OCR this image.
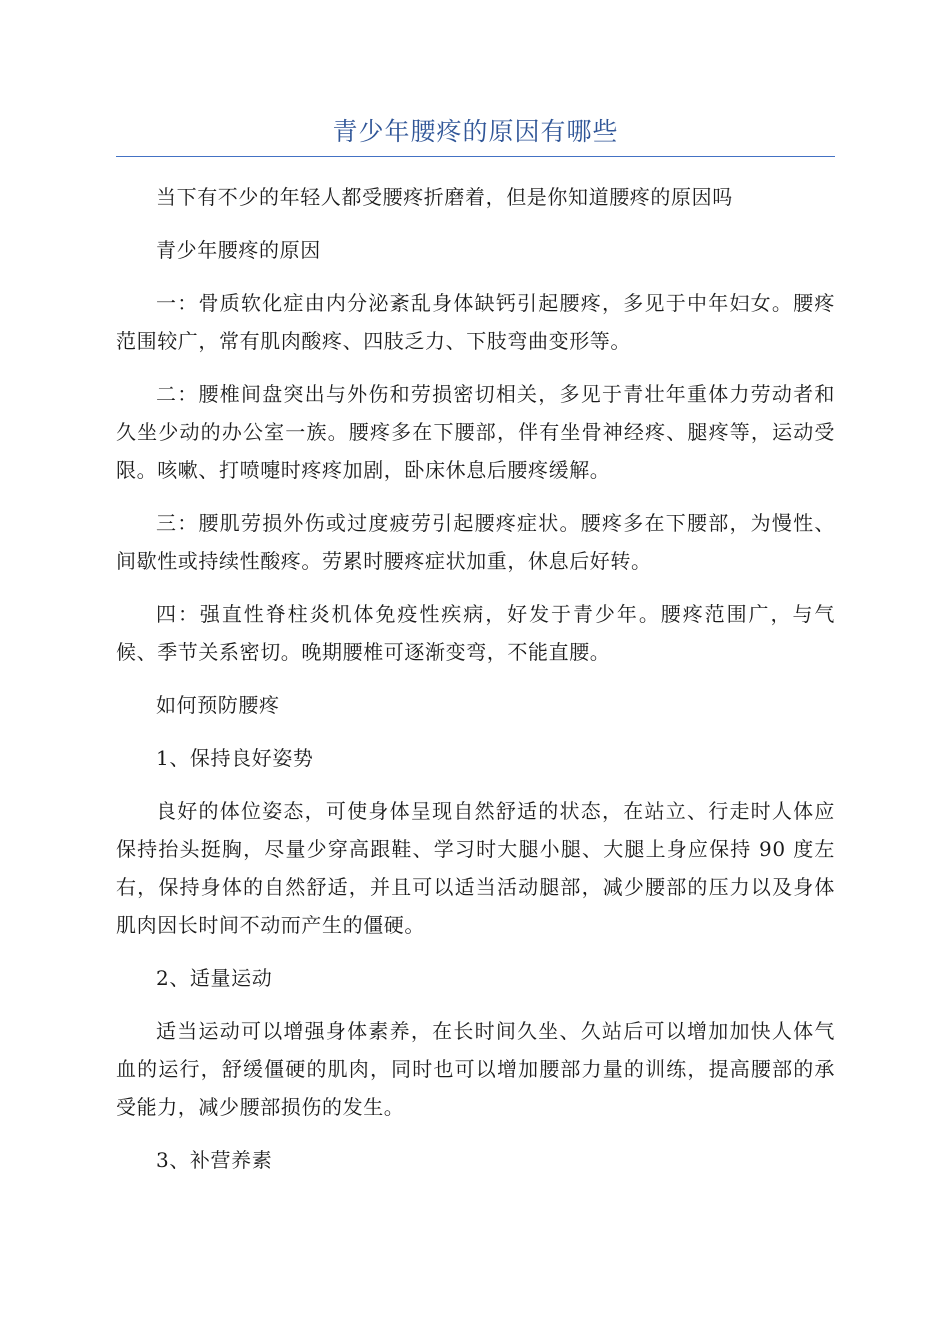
青少年腰疼的原因有哪些

当下有不少的年轻人都受腰疼折磨着，但是你知道腰疼的原因吗

青少年腰疼的原因

一：骨质软化症由内分泌紊乱身体缺钙引起腰疼，多见于中年妇女。腰疼范围较广，常有肌肉酸疼、四肢乏力、下肢弯曲变形等。

二：腰椎间盘突出与外伤和劳损密切相关，多见于青壮年重体力劳动者和久坐少动的办公室一族。腰疼多在下腰部，伴有坐骨神经疼、腿疼等，运动受限。咳嗽、打喷嚏时疼疼加剧，卧床休息后腰疼缓解。

三：腰肌劳损外伤或过度疲劳引起腰疼症状。腰疼多在下腰部，为慢性、间歇性或持续性酸疼。劳累时腰疼症状加重，休息后好转。

四：强直性脊柱炎机体免疫性疾病，好发于青少年。腰疼范围广，与气候、季节关系密切。晚期腰椎可逐渐变弯，不能直腰。

如何预防腰疼

1、保持良好姿势

良好的体位姿态，可使身体呈现自然舒适的状态，在站立、行走时人体应保持抬头挺胸，尽量少穿高跟鞋、学习时大腿小腿、大腿上身应保持 90 度左右，保持身体的自然舒适，并且可以适当活动腿部，减少腰部的压力以及身体肌肉因长时间不动而产生的僵硬。

2、适量运动

适当运动可以增强身体素养，在长时间久坐、久站后可以增加加快人体气血的运行，舒缓僵硬的肌肉，同时也可以增加腰部力量的训练，提高腰部的承受能力，减少腰部损伤的发生。

3、补营养素
